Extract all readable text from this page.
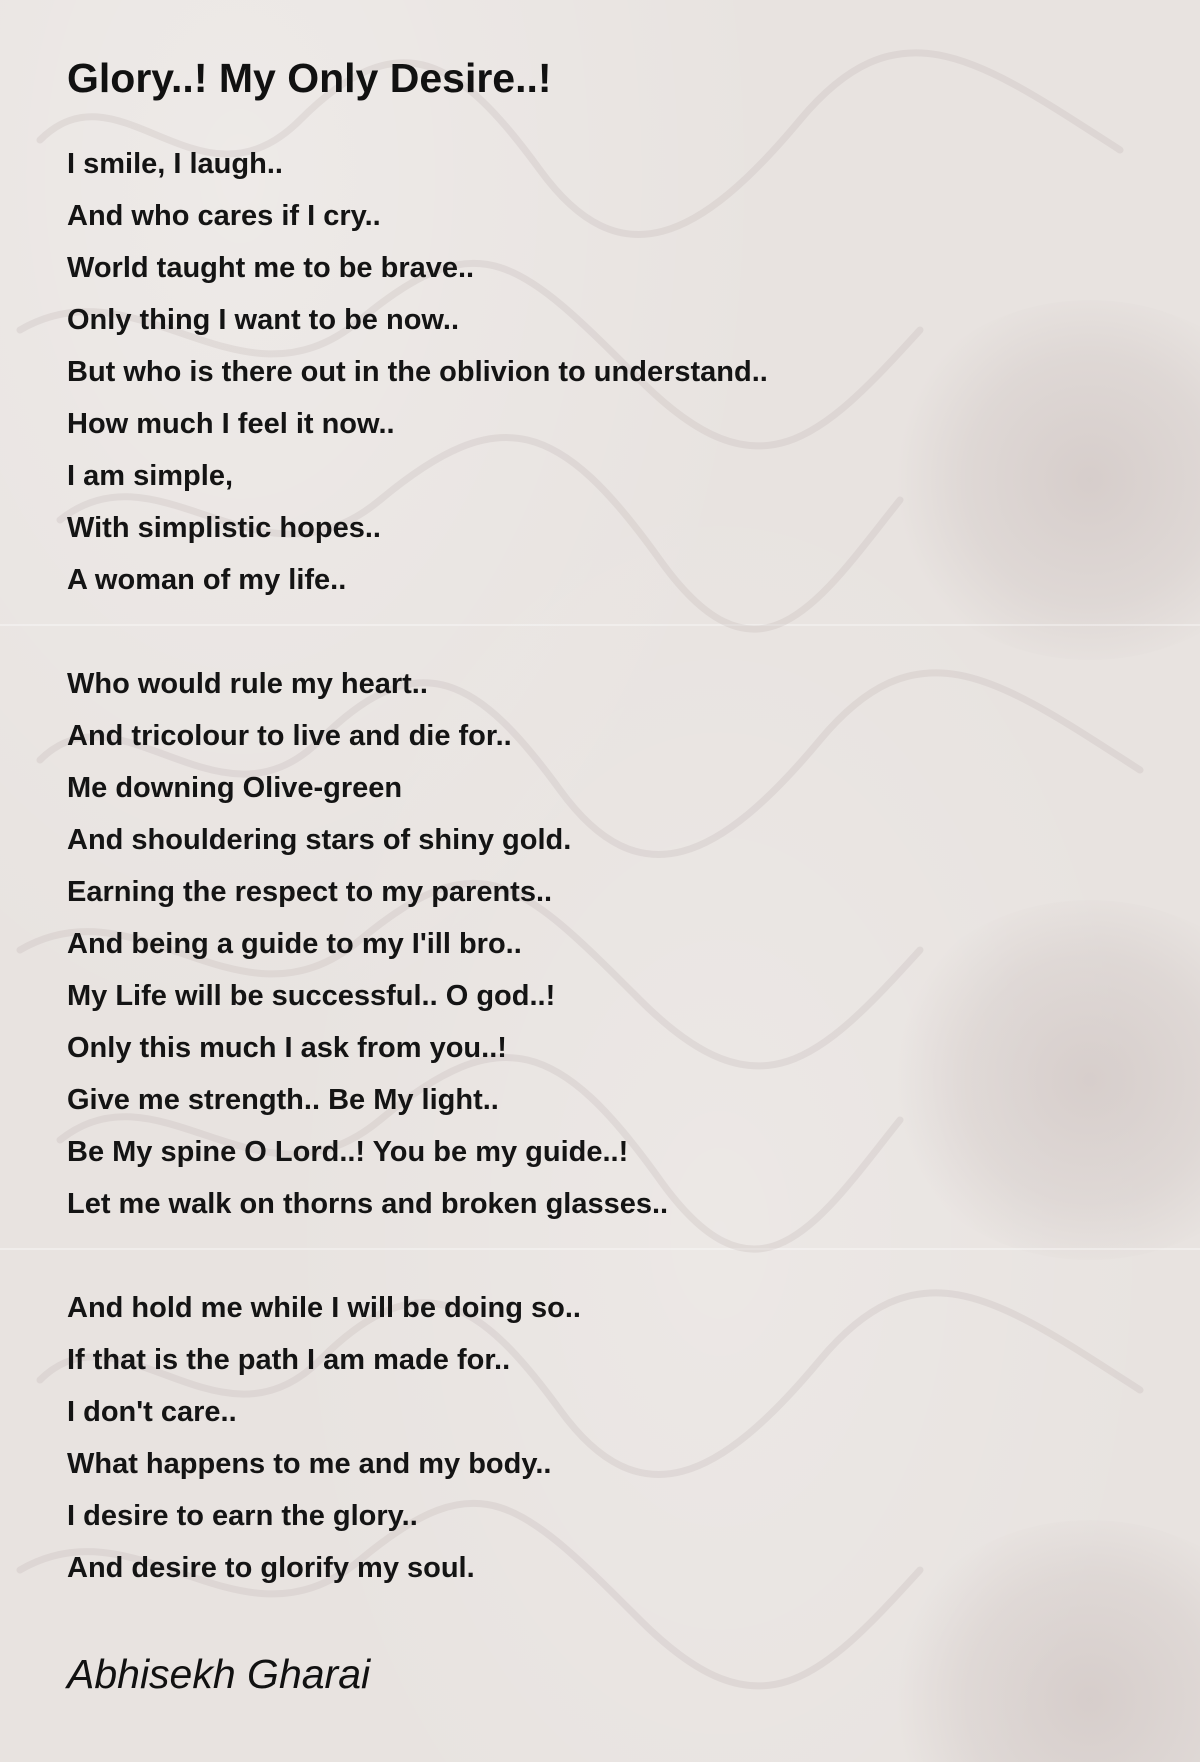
Glory..! My Only Desire..!
I smile, I laugh..
And who cares if I cry..
World taught me to be brave..
Only thing I want to be now..
But who is there out in the oblivion to understand..
How much I feel it now..
I am simple,
With simplistic hopes..
A woman of my life..
Who would rule my heart..
And tricolour to live and die for..
Me downing Olive-green
And shouldering stars of shiny gold.
Earning the respect to my parents..
And being a guide to my I'ill bro..
My Life will be successful.. O god..!
Only this much I ask from you..!
Give me strength.. Be My light..
Be My spine O Lord..! You be my guide..!
Let me walk on thorns and broken glasses..
And hold me while I will be doing so..
If that is the path I am made for..
I don't care..
What happens to me and my body..
I desire to earn the glory..
And desire to glorify my soul.
Abhisekh Gharai
